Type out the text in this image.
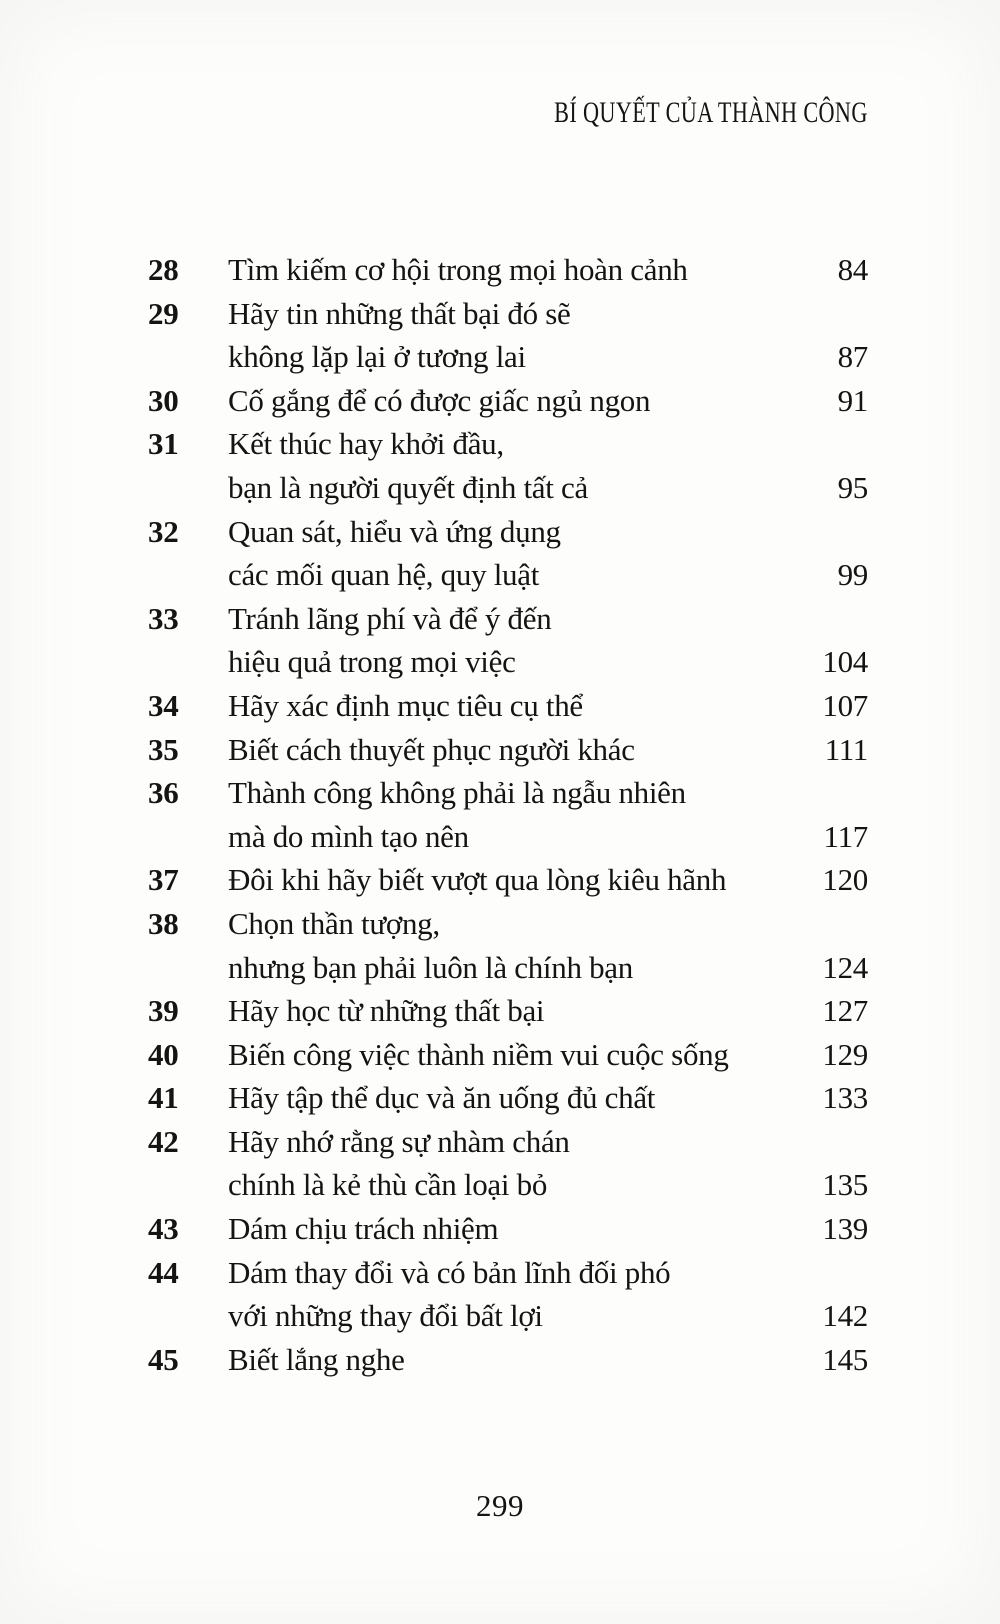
BÍ QUYẾT CỦA THÀNH CÔNG
28	Tìm kiếm cơ hội trong mọi hoàn cảnh	84
29	Hãy tin những thất bại đó sẽ
không lặp lại ở tương lai	87
30	Cố gắng để có được giấc ngủ ngon	91
31	Kết thúc hay khởi đầu,
bạn là người quyết định tất cả	95
32	Quan sát, hiểu và ứng dụng
các mối quan hệ, quy luật	99
33	Tránh lãng phí và để ý đến
hiệu quả trong mọi việc	104
34	Hãy xác định mục tiêu cụ thể	107
35	Biết cách thuyết phục người khác	111
36	Thành công không phải là ngẫu nhiên
mà do mình tạo nên	117
37	Đôi khi hãy biết vượt qua lòng kiêu hãnh	120
38	Chọn thần tượng,
nhưng bạn phải luôn là chính bạn	124
39	Hãy học từ những thất bại	127
40	Biến công việc thành niềm vui cuộc sống	129
41	Hãy tập thể dục và ăn uống đủ chất	133
42	Hãy nhớ rằng sự nhàm chán
chính là kẻ thù cần loại bỏ	135
43	Dám chịu trách nhiệm	139
44	Dám thay đổi và có bản lĩnh đối phó
với những thay đổi bất lợi	142
45	Biết lắng nghe	145
299
